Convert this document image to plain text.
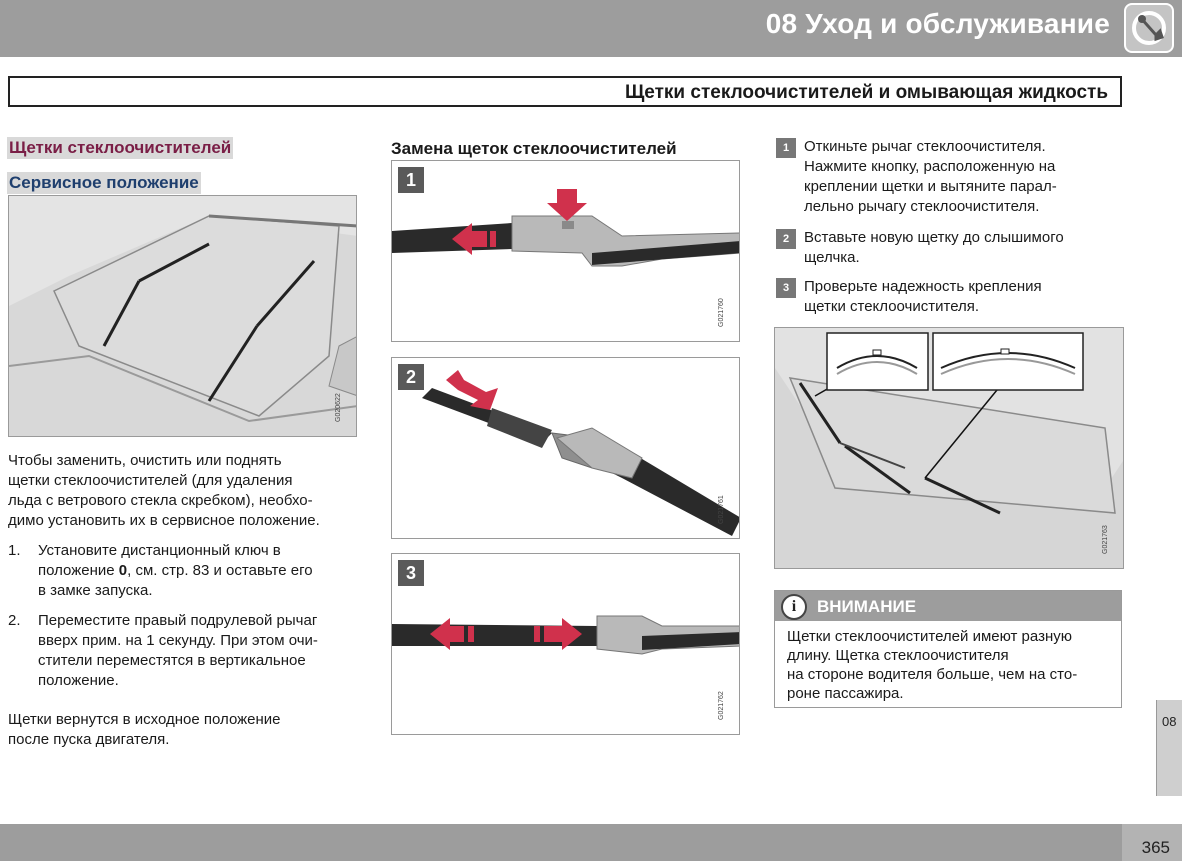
08 Уход и обслуживание
Щетки стеклоочистителей и омывающая жидкость
Щетки стеклоочистителей
Сервисное положение
G020622
Чтобы заменить, очистить или поднять
щетки стеклоочистителей (для удаления
льда с ветрового стекла скребком), необхо-
димо установить их в сервисное положение.
1. Установите дистанционный ключ в
положение 0, см. стр. 83 и оставьте его
в замке запуска.
2. Переместите правый подрулевой рычаг
вверх прим. на 1 секунду. При этом очи-
стители переместятся в вертикальное
положение.
Щетки вернутся в исходное положение
после пуска двигателя.
Замена щеток стеклоочистителей
1
G021760
2
G021761
3
G021762
1 Откиньте рычаг стеклоочистителя.
Нажмите кнопку, расположенную на
креплении щетки и вытяните парал-
лельно рычагу стеклоочистителя.
2 Вставьте новую щетку до слышимого
щелчка.
3 Проверьте надежность крепления
щетки стеклоочистителя.
G021763
i	ВНИМАНИЕ
Щетки стеклоочистителей имеют разную
длину. Щетка стеклоочистителя
на стороне водителя больше, чем на сто-
роне пассажира.
08
365
